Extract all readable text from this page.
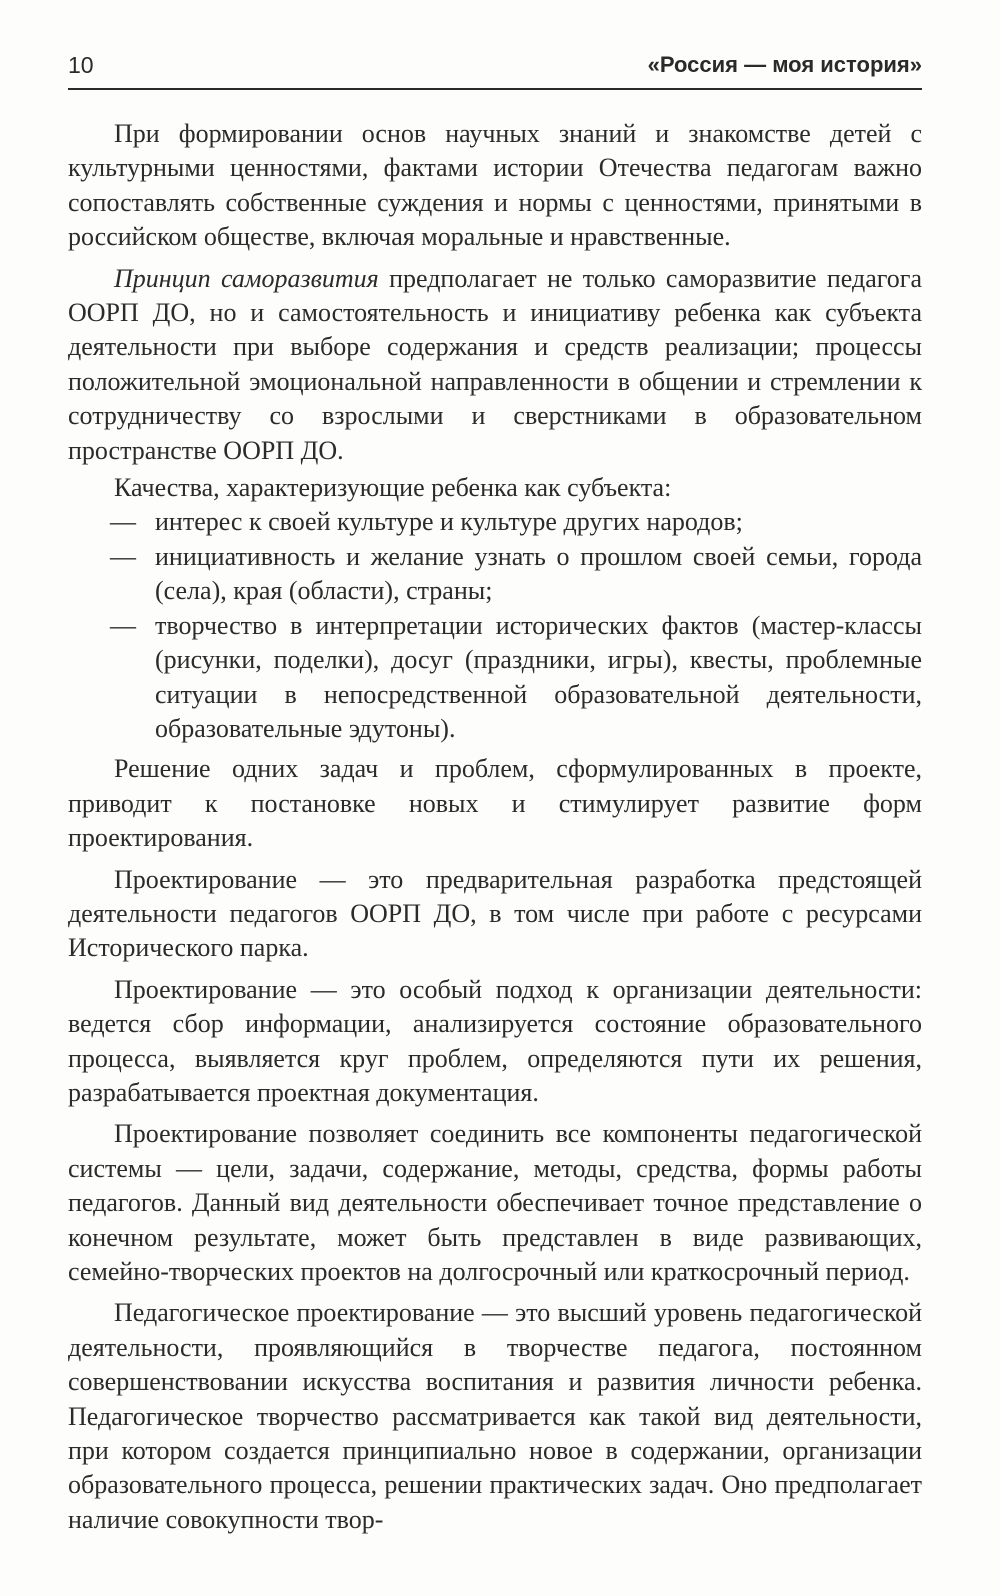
10	«Россия — моя история»

При формировании основ научных знаний и знакомстве детей с культурными ценностями, фактами истории Отечества педагогам важно сопоставлять собственные суждения и нормы с ценностями, принятыми в российском обществе, включая моральные и нравственные.

Принцип саморазвития предполагает не только саморазвитие педагога ООРП ДО, но и самостоятельность и инициативу ребенка как субъекта деятельности при выборе содержания и средств реализации; процессы положительной эмоциональной направленности в общении и стремлении к сотрудничеству со взрослыми и сверстниками в образовательном пространстве ООРП ДО.

Качества, характеризующие ребенка как субъекта:

— интерес к своей культуре и культуре других народов;
— инициативность и желание узнать о прошлом своей семьи, города (села), края (области), страны;
— творчество в интерпретации исторических фактов (мастер-классы (рисунки, поделки), досуг (праздники, игры), квесты, проблемные ситуации в непосредственной образовательной деятельности, образовательные эдутоны).

Решение одних задач и проблем, сформулированных в проекте, приводит к постановке новых и стимулирует развитие форм проектирования.

Проектирование — это предварительная разработка предстоящей деятельности педагогов ООРП ДО, в том числе при работе с ресурсами Исторического парка.

Проектирование — это особый подход к организации деятельности: ведется сбор информации, анализируется состояние образовательного процесса, выявляется круг проблем, определяются пути их решения, разрабатывается проектная документация.

Проектирование позволяет соединить все компоненты педагогической системы — цели, задачи, содержание, методы, средства, формы работы педагогов. Данный вид деятельности обеспечивает точное представление о конечном результате, может быть представлен в виде развивающих, семейно-творческих проектов на долгосрочный или краткосрочный период.

Педагогическое проектирование — это высший уровень педагогической деятельности, проявляющийся в творчестве педагога, постоянном совершенствовании искусства воспитания и развития личности ребенка. Педагогическое творчество рассматривается как такой вид деятельности, при котором создается принципиально новое в содержании, организации образовательного процесса, решении практических задач. Оно предполагает наличие совокупности твор-
